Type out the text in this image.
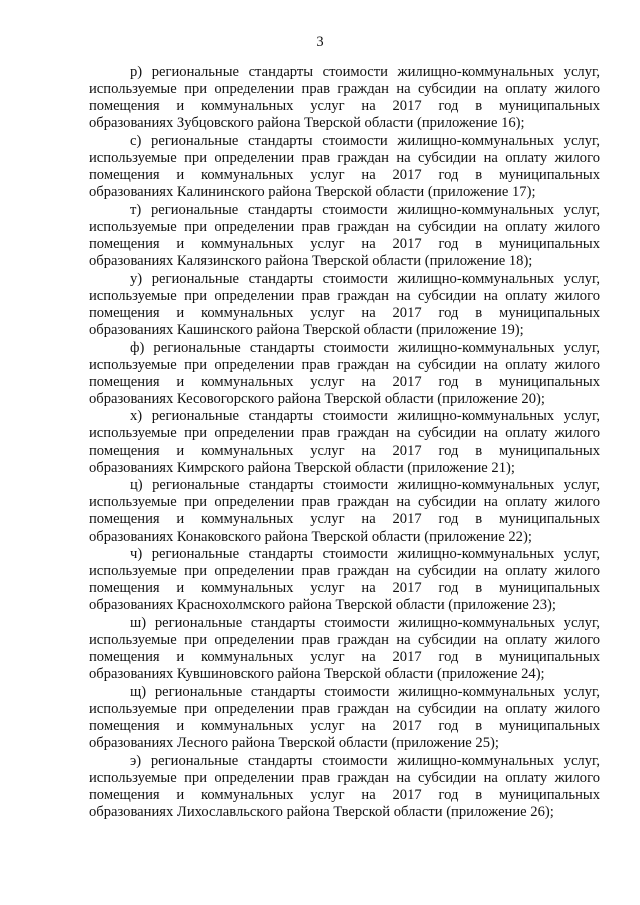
3
р) региональные стандарты стоимости жилищно-коммунальных услуг,
используемые при определении прав граждан на субсидии на оплату жилого
помещения и коммунальных услуг на 2017 год в муниципальных
образованиях Зубцовского района Тверской области (приложение 16);
с) региональные стандарты стоимости жилищно-коммунальных услуг,
используемые при определении прав граждан на субсидии на оплату жилого
помещения и коммунальных услуг на 2017 год в муниципальных
образованиях Калининского района Тверской области (приложение 17);
т) региональные стандарты стоимости жилищно-коммунальных услуг,
используемые при определении прав граждан на субсидии на оплату жилого
помещения и коммунальных услуг на 2017 год в муниципальных
образованиях Калязинского района Тверской области (приложение 18);
у) региональные стандарты стоимости жилищно-коммунальных услуг,
используемые при определении прав граждан на субсидии на оплату жилого
помещения и коммунальных услуг на 2017 год в муниципальных
образованиях Кашинского района Тверской области (приложение 19);
ф) региональные стандарты стоимости жилищно-коммунальных услуг,
используемые при определении прав граждан на субсидии на оплату жилого
помещения и коммунальных услуг на 2017 год в муниципальных
образованиях Кесовогорского района Тверской области (приложение 20);
х) региональные стандарты стоимости жилищно-коммунальных услуг,
используемые при определении прав граждан на субсидии на оплату жилого
помещения и коммунальных услуг на 2017 год в муниципальных
образованиях Кимрского района Тверской области (приложение 21);
ц) региональные стандарты стоимости жилищно-коммунальных услуг,
используемые при определении прав граждан на субсидии на оплату жилого
помещения и коммунальных услуг на 2017 год в муниципальных
образованиях Конаковского района Тверской области (приложение 22);
ч) региональные стандарты стоимости жилищно-коммунальных услуг,
используемые при определении прав граждан на субсидии на оплату жилого
помещения и коммунальных услуг на 2017 год в муниципальных
образованиях Краснохолмского района Тверской области (приложение 23);
ш) региональные стандарты стоимости жилищно-коммунальных услуг,
используемые при определении прав граждан на субсидии на оплату жилого
помещения и коммунальных услуг на 2017 год в муниципальных
образованиях Кувшиновского района Тверской области (приложение 24);
щ) региональные стандарты стоимости жилищно-коммунальных услуг,
используемые при определении прав граждан на субсидии на оплату жилого
помещения и коммунальных услуг на 2017 год в муниципальных
образованиях Лесного района Тверской области (приложение 25);
э) региональные стандарты стоимости жилищно-коммунальных услуг,
используемые при определении прав граждан на субсидии на оплату жилого
помещения и коммунальных услуг на 2017 год в муниципальных
образованиях Лихославльского района Тверской области (приложение 26);
